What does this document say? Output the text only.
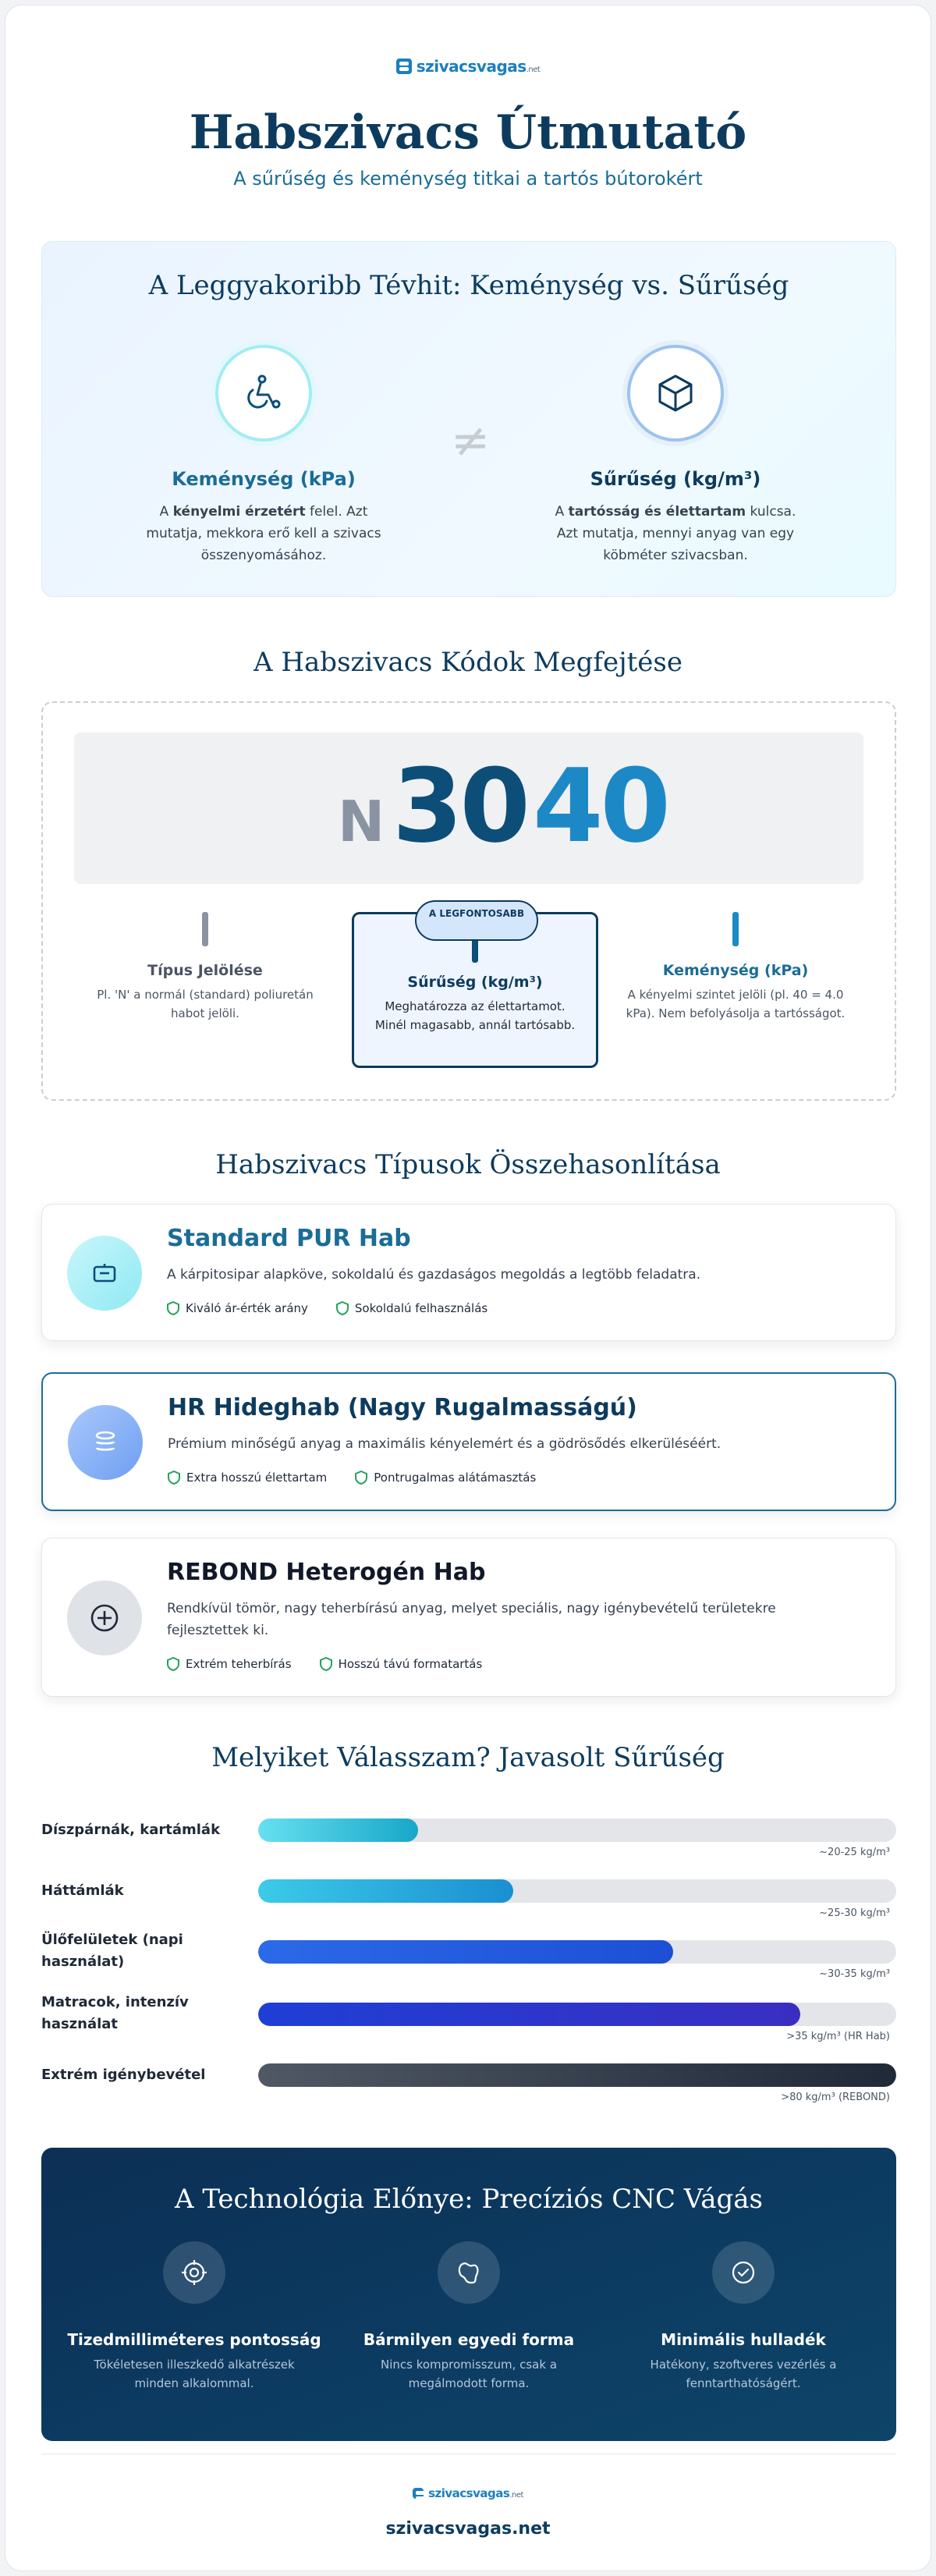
szivacsvagas.net
Habszivacs Útmutató
A sűrűség és keménység titkai a tartós bútorokért
A Leggyakoribb Tévhit: Keménység vs. Sűrűség
Keménység (kPa)
A kényelmi érzetért felel. Azt mutatja, mekkora erő kell a szivacs összenyomásához.
≠
Sűrűség (kg/m³)
A tartósság és élettartam kulcsa. Azt mutatja, mennyi anyag van egy köbméter szivacsban.
A Habszivacs Kódok Megfejtése
N 30 40
Típus Jelölése
Pl. 'N' a normál (standard) poliuretán habot jelöli.
A LEGFONTOSABB
Sűrűség (kg/m³)
Meghatározza az élettartamot. Minél magasabb, annál tartósabb.
Keménység (kPa)
A kényelmi szintet jelöli (pl. 40 = 4.0 kPa). Nem befolyásolja a tartósságot.
Habszivacs Típusok Összehasonlítása
Standard PUR Hab
A kárpitosipar alapköve, sokoldalú és gazdaságos megoldás a legtöbb feladatra.
Kiváló ár-érték arány	Sokoldalú felhasználás
HR Hideghab (Nagy Rugalmasságú)
Prémium minőségű anyag a maximális kényelemért és a gödrösődés elkerüléséért.
Extra hosszú élettartam	Pontrugalmas alátámasztás
REBOND Heterogén Hab
Rendkívül tömör, nagy teherbírású anyag, melyet speciális, nagy igénybevételű területekre fejlesztettek ki.
Extrém teherbírás	Hosszú távú formatartás
Melyiket Válasszam? Javasolt Sűrűség
Díszpárnák, kartámlák
~20-25 kg/m³
Háttámlák
~25-30 kg/m³
Ülőfelületek (napi használat)
~30-35 kg/m³
Matracok, intenzív használat
>35 kg/m³ (HR Hab)
Extrém igénybevétel
>80 kg/m³ (REBOND)
A Technológia Előnye: Precíziós CNC Vágás
Tizedmilliméteres pontosság
Tökéletesen illeszkedő alkatrészek minden alkalommal.
Bármilyen egyedi forma
Nincs kompromisszum, csak a megálmodott forma.
Minimális hulladék
Hatékony, szoftveres vezérlés a fenntarthatóságért.
szivacsvagas.net
szivacsvagas.net
